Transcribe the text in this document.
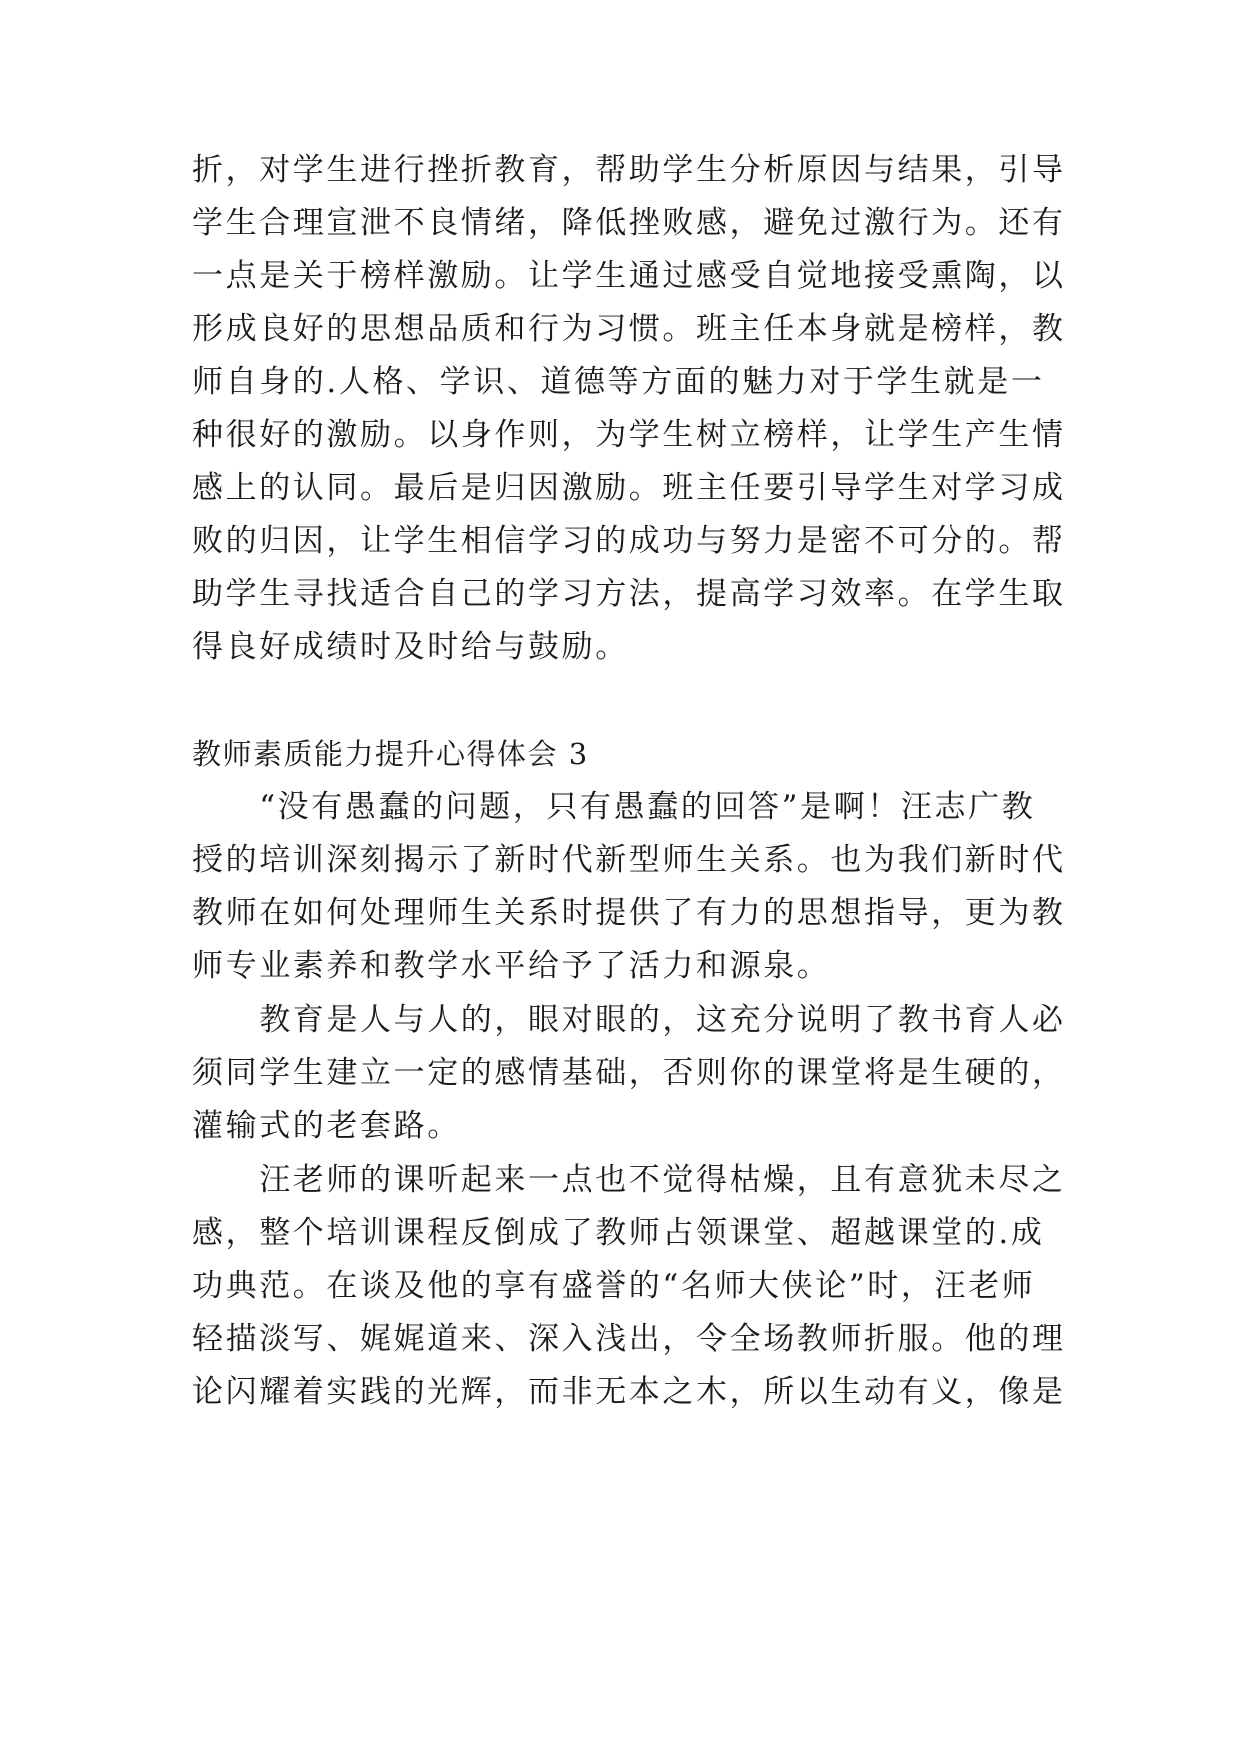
折，对学生进行挫折教育，帮助学生分析原因与结果，引导
学生合理宣泄不良情绪，降低挫败感，避免过激行为。还有
一点是关于榜样激励。让学生通过感受自觉地接受熏陶，以
形成良好的思想品质和行为习惯。班主任本身就是榜样，教
师自身的.人格、学识、道德等方面的魅力对于学生就是一
种很好的激励。以身作则，为学生树立榜样，让学生产生情
感上的认同。最后是归因激励。班主任要引导学生对学习成
败的归因，让学生相信学习的成功与努力是密不可分的。帮
助学生寻找适合自己的学习方法，提高学习效率。在学生取
得良好成绩时及时给与鼓励。
教师素质能力提升心得体会 3
　　“没有愚蠢的问题，只有愚蠢的回答”是啊！汪志广教
授的培训深刻揭示了新时代新型师生关系。也为我们新时代
教师在如何处理师生关系时提供了有力的思想指导，更为教
师专业素养和教学水平给予了活力和源泉。
　　教育是人与人的，眼对眼的，这充分说明了教书育人必
须同学生建立一定的感情基础，否则你的课堂将是生硬的，
灌输式的老套路。
　　汪老师的课听起来一点也不觉得枯燥，且有意犹未尽之
感，整个培训课程反倒成了教师占领课堂、超越课堂的.成
功典范。在谈及他的享有盛誉的“名师大侠论”时，汪老师
轻描淡写、娓娓道来、深入浅出，令全场教师折服。他的理
论闪耀着实践的光辉，而非无本之木，所以生动有义，像是
